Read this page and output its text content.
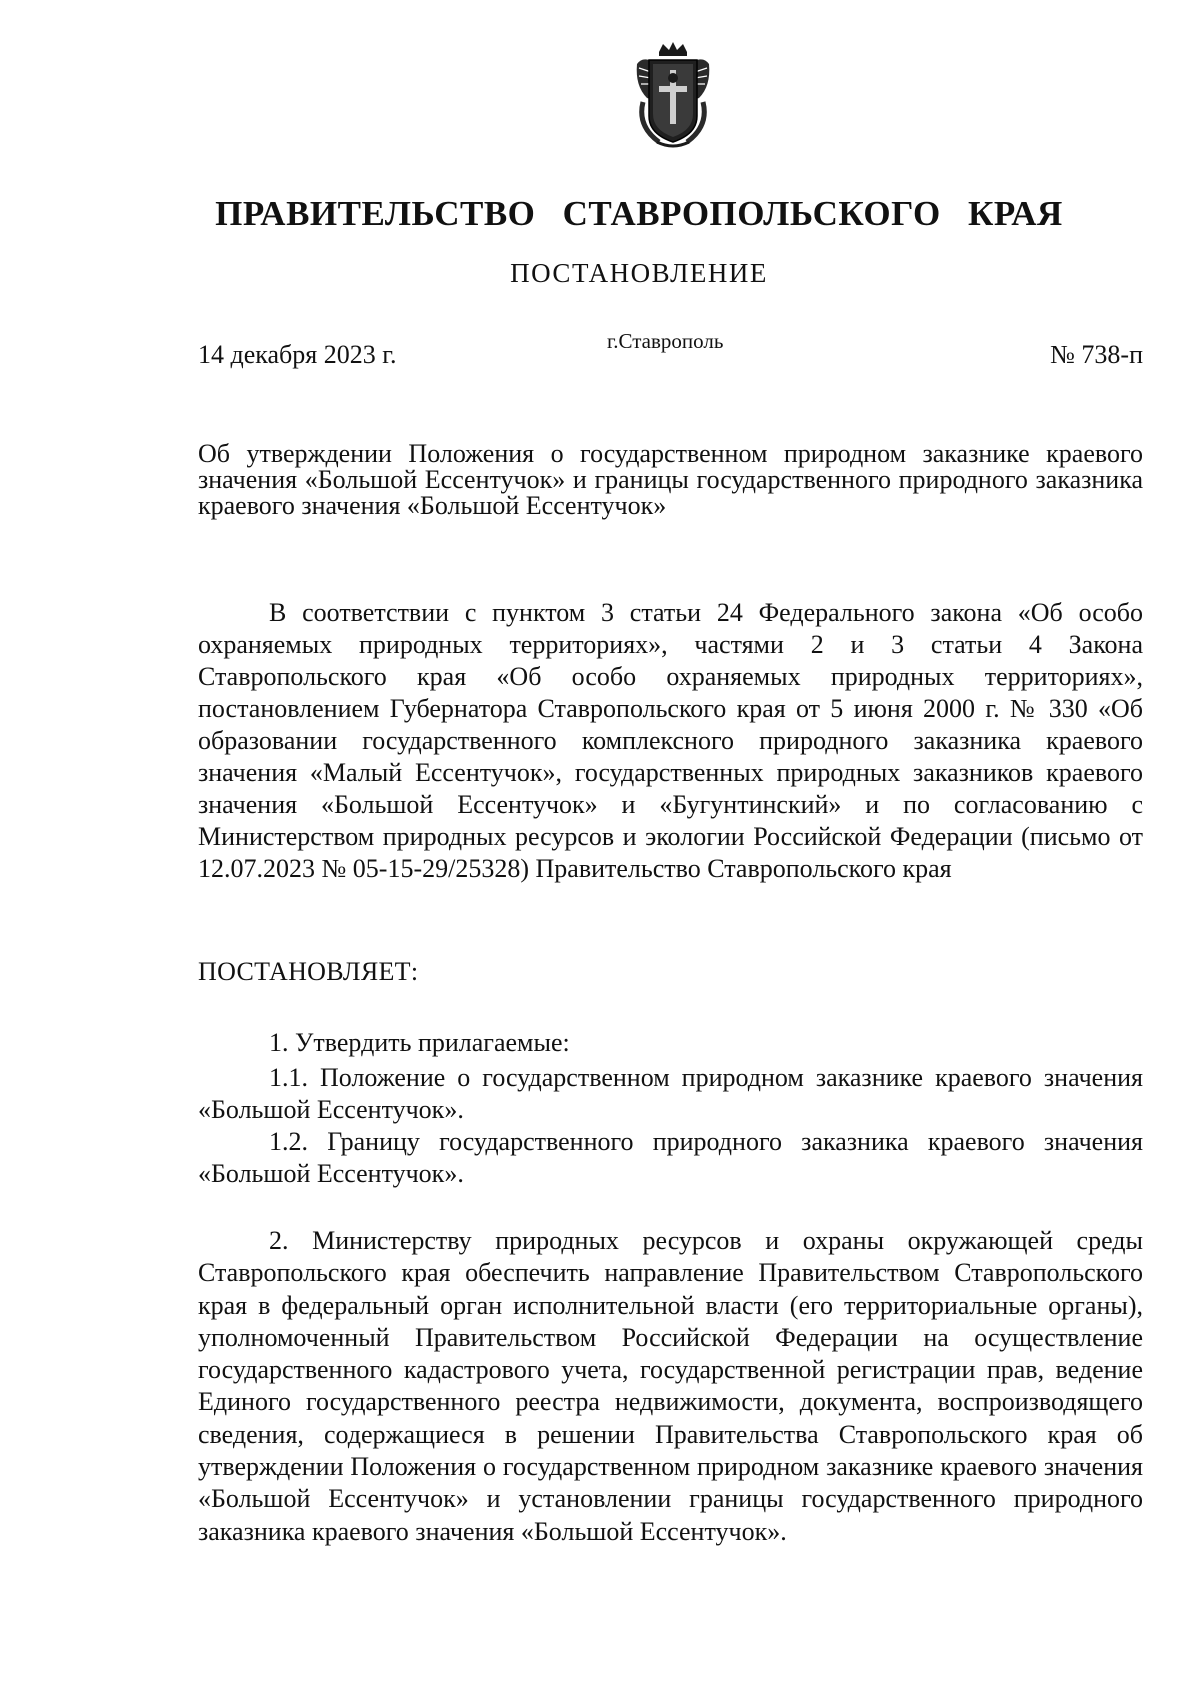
ПРАВИТЕЛЬСТВО СТАВРОПОЛЬСКОГО КРАЯ
ПОСТАНОВЛЕНИЕ
14 декабря 2023 г.	г.Ставрополь	№ 738-п
Об утверждении Положения о государственном природном заказнике краевого значения «Большой Ессентучок» и границы государственного природного заказника краевого значения «Большой Ессентучок»
В соответствии с пунктом 3 статьи 24 Федерального закона «Об особо охраняемых природных территориях», частями 2 и 3 статьи 4 Закона Ставропольского края «Об особо охраняемых природных территориях», постановлением Губернатора Ставропольского края от 5 июня 2000 г. № 330 «Об образовании государственного комплексного природного заказника краевого значения «Малый Ессентучок», государственных природных заказников краевого значения «Большой Ессентучок» и «Бугунтинский» и по согласованию с Министерством природных ресурсов и экологии Российской Федерации (письмо от 12.07.2023 № 05-15-29/25328) Правительство Ставропольского края
ПОСТАНОВЛЯЕТ:
1. Утвердить прилагаемые:
1.1. Положение о государственном природном заказнике краевого значения «Большой Ессентучок».
1.2. Границу государственного природного заказника краевого значения «Большой Ессентучок».
2. Министерству природных ресурсов и охраны окружающей среды Ставропольского края обеспечить направление Правительством Ставропольского края в федеральный орган исполнительной власти (его территориальные органы), уполномоченный Правительством Российской Федерации на осуществление государственного кадастрового учета, государственной регистрации прав, ведение Единого государственного реестра недвижимости, документа, воспроизводящего сведения, содержащиеся в решении Правительства Ставропольского края об утверждении Положения о государственном природном заказнике краевого значения «Большой Ессентучок» и установлении границы государственного природного заказника краевого значения «Большой Ессентучок».
